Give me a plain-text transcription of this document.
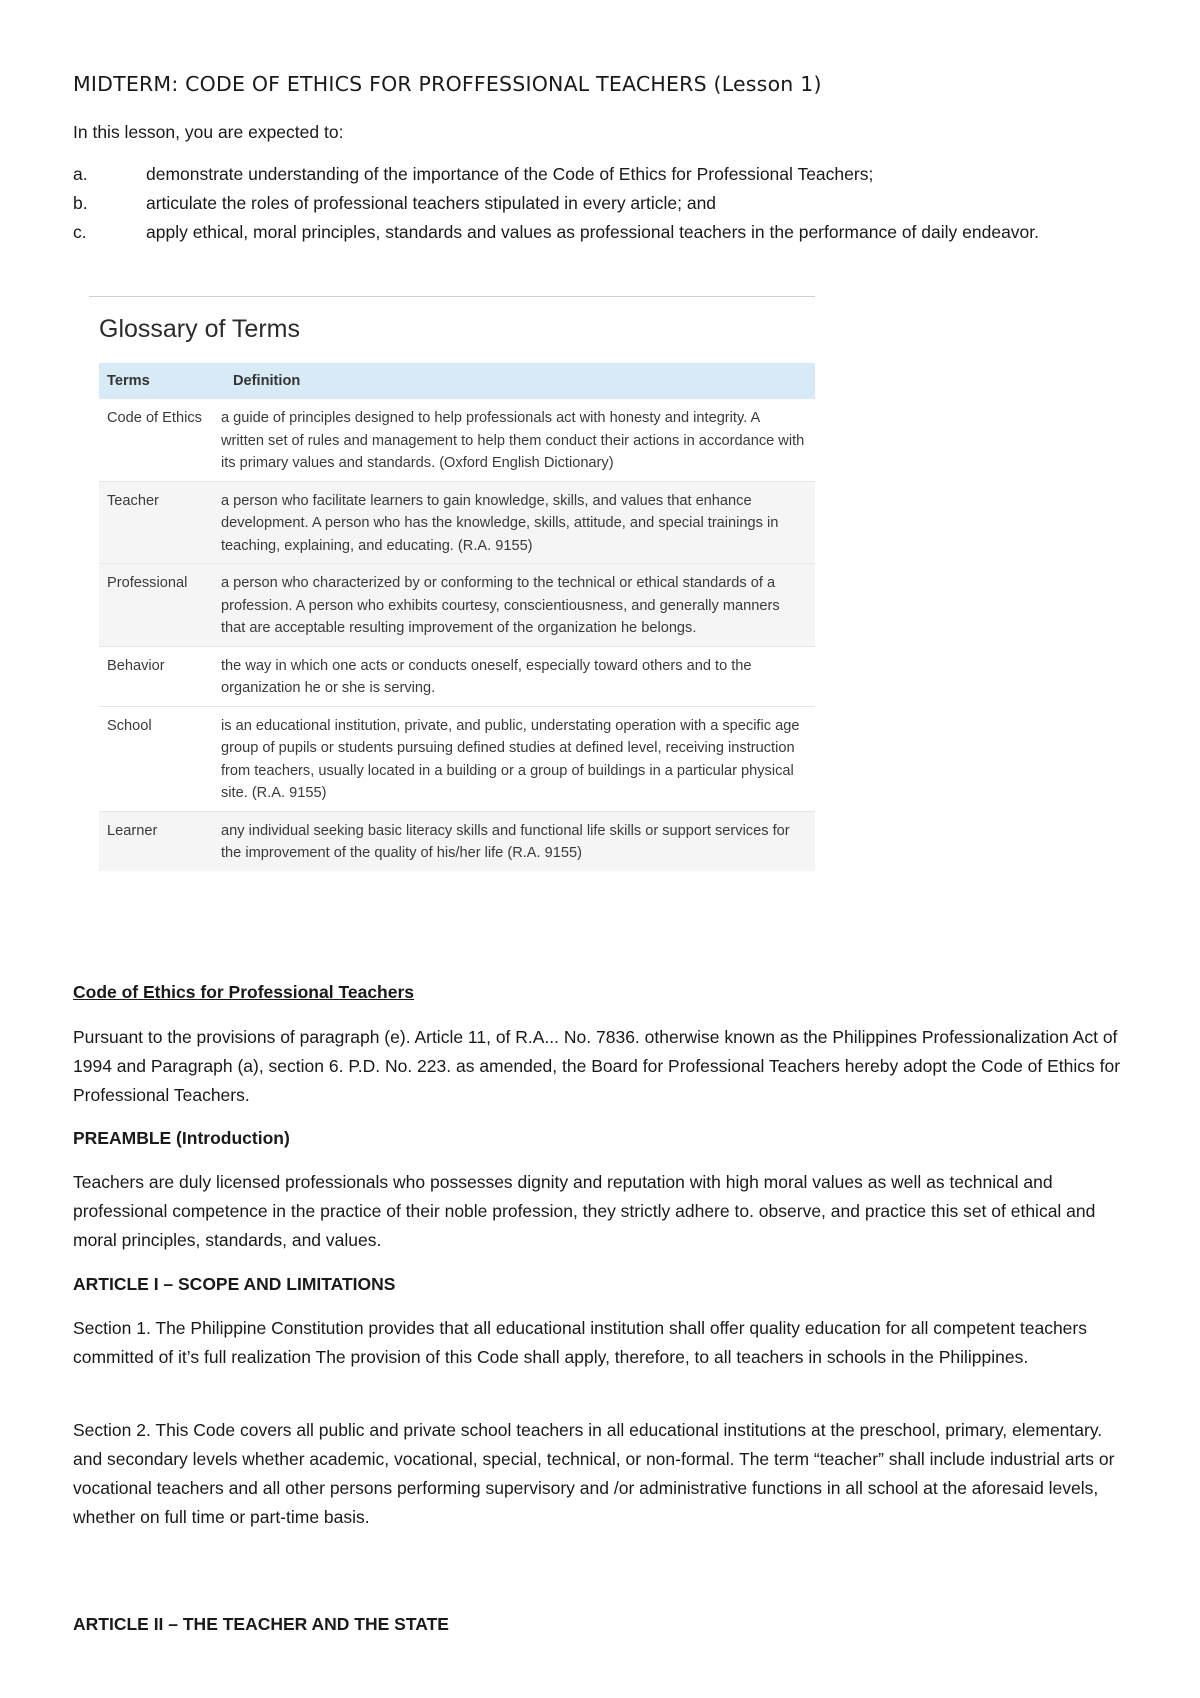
MIDTERM: CODE OF ETHICS FOR PROFFESSIONAL TEACHERS (Lesson 1)

In this lesson, you are expected to:

a.	demonstrate understanding of the importance of the Code of Ethics for Professional Teachers;
b.	articulate the roles of professional teachers stipulated in every article; and
c.	apply ethical, moral principles, standards and values as professional teachers in the performance of daily endeavor.
Glossary of Terms
Terms	Definition
Code of Ethics	a guide of principles designed to help professionals act with honesty and integrity. A written set of rules and management to help them conduct their actions in accordance with its primary values and standards. (Oxford English Dictionary)
Teacher	a person who facilitate learners to gain knowledge, skills, and values that enhance development. A person who has the knowledge, skills, attitude, and special trainings in teaching, explaining, and educating. (R.A. 9155)
Professional	a person who characterized by or conforming to the technical or ethical standards of a profession. A person who exhibits courtesy, conscientiousness, and generally manners that are acceptable resulting improvement of the organization he belongs.
Behavior	the way in which one acts or conducts oneself, especially toward others and to the organization he or she is serving.
School	is an educational institution, private, and public, understating operation with a specific age group of pupils or students pursuing defined studies at defined level, receiving instruction from teachers, usually located in a building or a group of buildings in a particular physical site. (R.A. 9155)
Learner	any individual seeking basic literacy skills and functional life skills or support services for the improvement of the quality of his/her life (R.A. 9155)

Code of Ethics for Professional Teachers

Pursuant to the provisions of paragraph (e). Article 11, of R.A... No. 7836. otherwise known as the Philippines Professionalization Act of 1994 and Paragraph (a), section 6. P.D. No. 223. as amended, the Board for Professional Teachers hereby adopt the Code of Ethics for Professional Teachers.

PREAMBLE (Introduction)

Teachers are duly licensed professionals who possesses dignity and reputation with high moral values as well as technical and professional competence in the practice of their noble profession, they strictly adhere to. observe, and practice this set of ethical and moral principles, standards, and values.

ARTICLE I – SCOPE AND LIMITATIONS

Section 1. The Philippine Constitution provides that all educational institution shall offer quality education for all competent teachers committed of it’s full realization The provision of this Code shall apply, therefore, to all teachers in schools in the Philippines.

Section 2. This Code covers all public and private school teachers in all educational institutions at the preschool, primary, elementary. and secondary levels whether academic, vocational, special, technical, or non-formal. The term “teacher” shall include industrial arts or vocational teachers and all other persons performing supervisory and /or administrative functions in all school at the aforesaid levels, whether on full time or part-time basis.

ARTICLE II – THE TEACHER AND THE STATE
